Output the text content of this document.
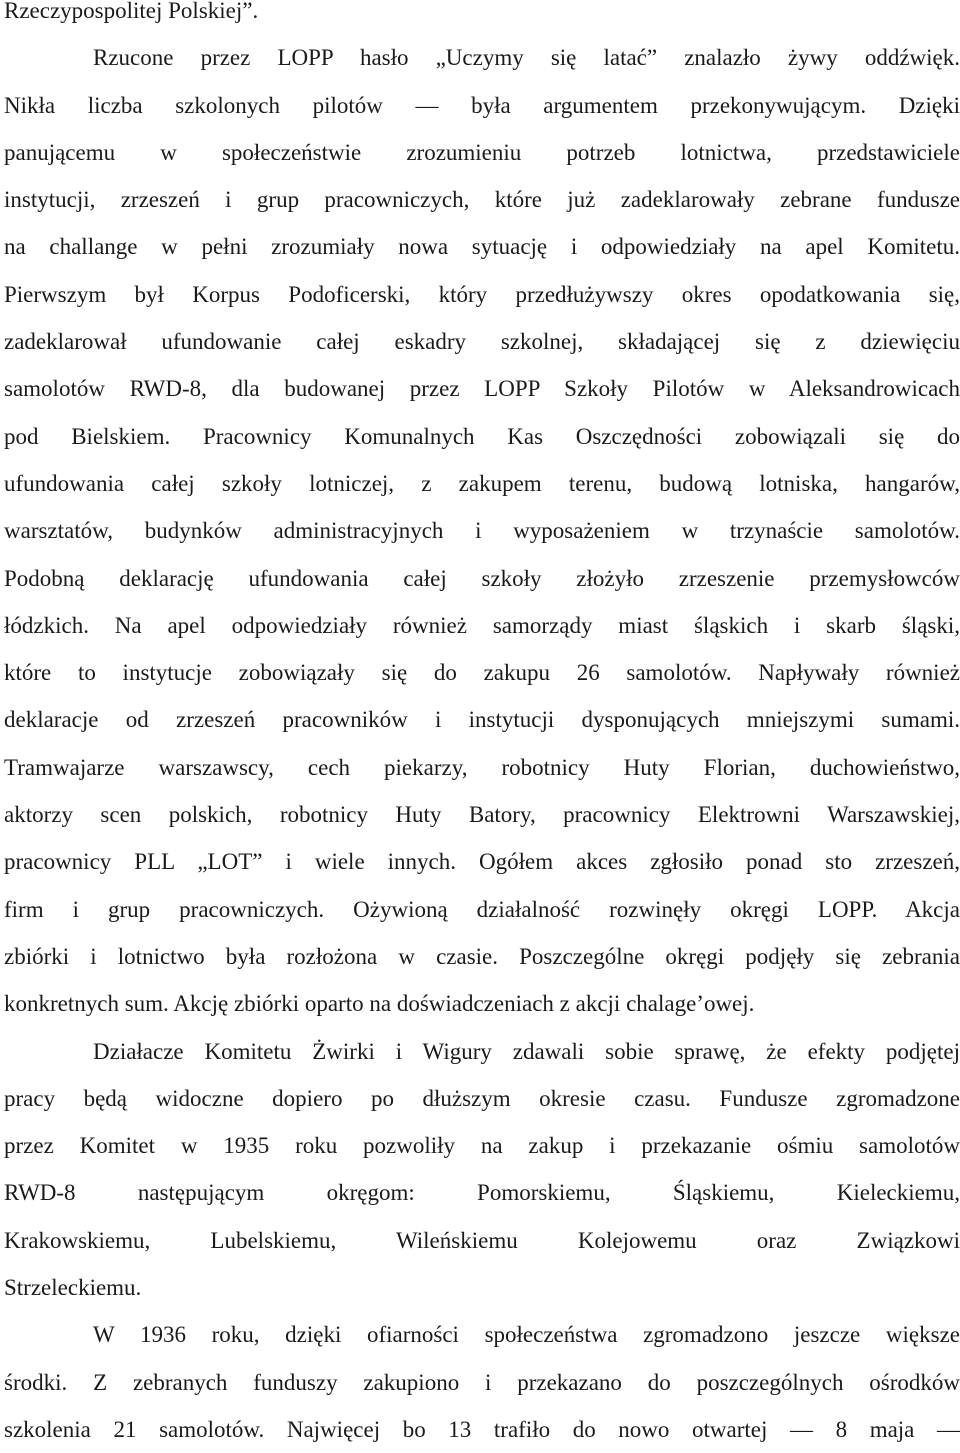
Rzeczypospolitej Polskiej”.
Rzucone przez LOPP hasło „Uczymy się latać” znalazło żywy oddźwięk.
Nikła liczba szkolonych pilotów — była argumentem przekonywującym. Dzięki
panującemu w społeczeństwie zrozumieniu potrzeb lotnictwa, przedstawiciele
instytucji, zrzeszeń i grup pracowniczych, które już zadeklarowały zebrane fundusze
na challange w pełni zrozumiały nowa sytuację i odpowiedziały na apel Komitetu.
Pierwszym był Korpus Podoficerski, który przedłużywszy okres opodatkowania się,
zadeklarował ufundowanie całej eskadry szkolnej, składającej się z dziewięciu
samolotów RWD-8, dla budowanej przez LOPP Szkoły Pilotów w Aleksandrowicach
pod Bielskiem. Pracownicy Komunalnych Kas Oszczędności zobowiązali się do
ufundowania całej szkoły lotniczej, z zakupem terenu, budową lotniska, hangarów,
warsztatów, budynków administracyjnych i wyposażeniem w trzynaście samolotów.
Podobną deklarację ufundowania całej szkoły złożyło zrzeszenie przemysłowców
łódzkich. Na apel odpowiedziały również samorządy miast śląskich i skarb śląski,
które to instytucje zobowiązały się do zakupu 26 samolotów. Napływały również
deklaracje od zrzeszeń pracowników i instytucji dysponujących mniejszymi sumami.
Tramwajarze warszawscy, cech piekarzy, robotnicy Huty Florian, duchowieństwo,
aktorzy scen polskich, robotnicy Huty Batory, pracownicy Elektrowni Warszawskiej,
pracownicy PLL „LOT” i wiele innych. Ogółem akces zgłosiło ponad sto zrzeszeń,
firm i grup pracowniczych. Ożywioną działalność rozwinęły okręgi LOPP. Akcja
zbiórki i lotnictwo była rozłożona w czasie. Poszczególne okręgi podjęły się zebrania
konkretnych sum. Akcję zbiórki oparto na doświadczeniach z akcji chalage’owej.
Działacze Komitetu Żwirki i Wigury zdawali sobie sprawę, że efekty podjętej
pracy będą widoczne dopiero po dłuższym okresie czasu. Fundusze zgromadzone
przez Komitet w 1935 roku pozwoliły na zakup i przekazanie ośmiu samolotów
RWD-8 następującym okręgom: Pomorskiemu, Śląskiemu, Kieleckiemu,
Krakowskiemu, Lubelskiemu, Wileńskiemu Kolejowemu oraz Związkowi
Strzeleckiemu.
W 1936 roku, dzięki ofiarności społeczeństwa zgromadzono jeszcze większe
środki. Z zebranych funduszy zakupiono i przekazano do poszczególnych ośrodków
szkolenia 21 samolotów. Najwięcej bo 13 trafiło do nowo otwartej — 8 maja —
